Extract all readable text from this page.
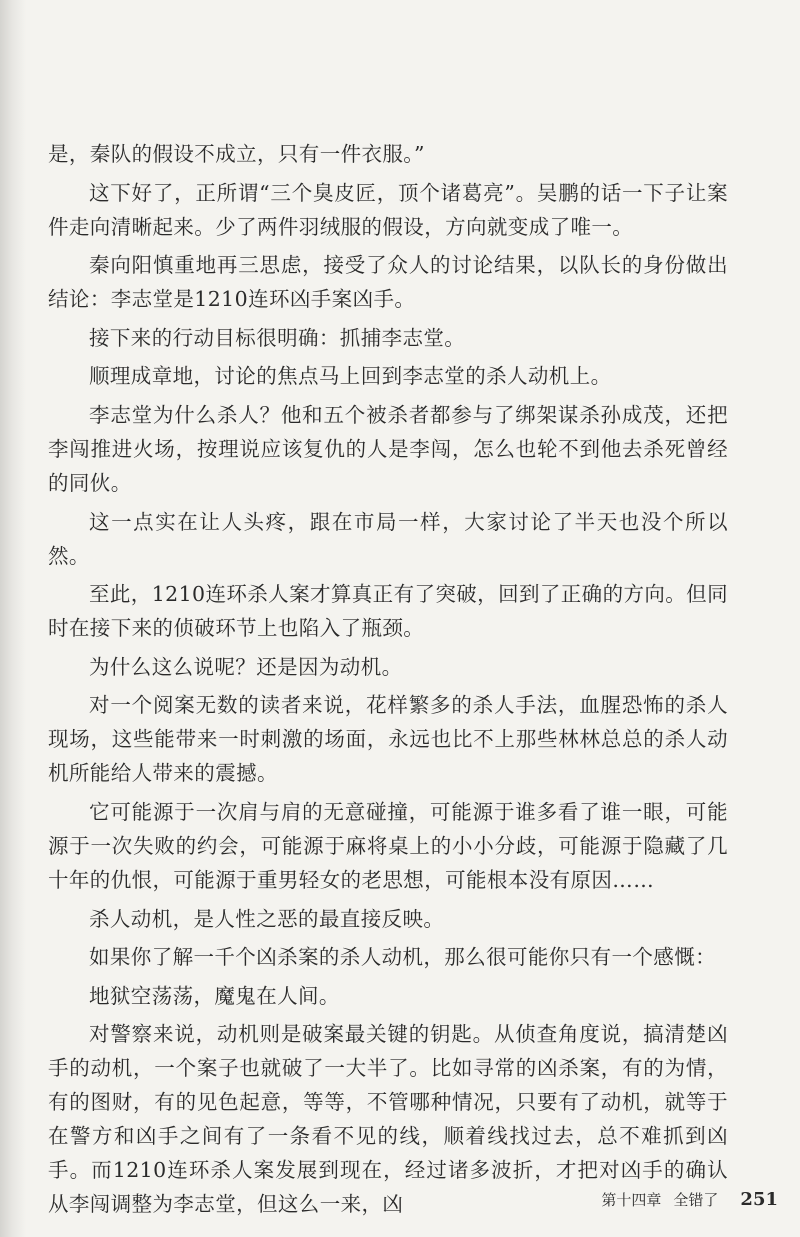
是，秦队的假设不成立，只有一件衣服。”

这下好了，正所谓“三个臭皮匠，顶个诸葛亮”。吴鹏的话一下子让案件走向清晰起来。少了两件羽绒服的假设，方向就变成了唯一。

秦向阳慎重地再三思虑，接受了众人的讨论结果，以队长的身份做出结论：李志堂是1210连环凶手案凶手。

接下来的行动目标很明确：抓捕李志堂。

顺理成章地，讨论的焦点马上回到李志堂的杀人动机上。

李志堂为什么杀人？他和五个被杀者都参与了绑架谋杀孙成茂，还把李闯推进火场，按理说应该复仇的人是李闯，怎么也轮不到他去杀死曾经的同伙。

这一点实在让人头疼，跟在市局一样，大家讨论了半天也没个所以然。

至此，1210连环杀人案才算真正有了突破，回到了正确的方向。但同时在接下来的侦破环节上也陷入了瓶颈。

为什么这么说呢？还是因为动机。

对一个阅案无数的读者来说，花样繁多的杀人手法，血腥恐怖的杀人现场，这些能带来一时刺激的场面，永远也比不上那些林林总总的杀人动机所能给人带来的震撼。

它可能源于一次肩与肩的无意碰撞，可能源于谁多看了谁一眼，可能源于一次失败的约会，可能源于麻将桌上的小小分歧，可能源于隐藏了几十年的仇恨，可能源于重男轻女的老思想，可能根本没有原因……

杀人动机，是人性之恶的最直接反映。

如果你了解一千个凶杀案的杀人动机，那么很可能你只有一个感慨：

地狱空荡荡，魔鬼在人间。

对警察来说，动机则是破案最关键的钥匙。从侦查角度说，搞清楚凶手的动机，一个案子也就破了一大半了。比如寻常的凶杀案，有的为情，有的图财，有的见色起意，等等，不管哪种情况，只要有了动机，就等于在警方和凶手之间有了一条看不见的线，顺着线找过去，总不难抓到凶手。而1210连环杀人案发展到现在，经过诸多波折，才把对凶手的确认从李闯调整为李志堂，但这么一来，凶	第十四章 全错了 251
